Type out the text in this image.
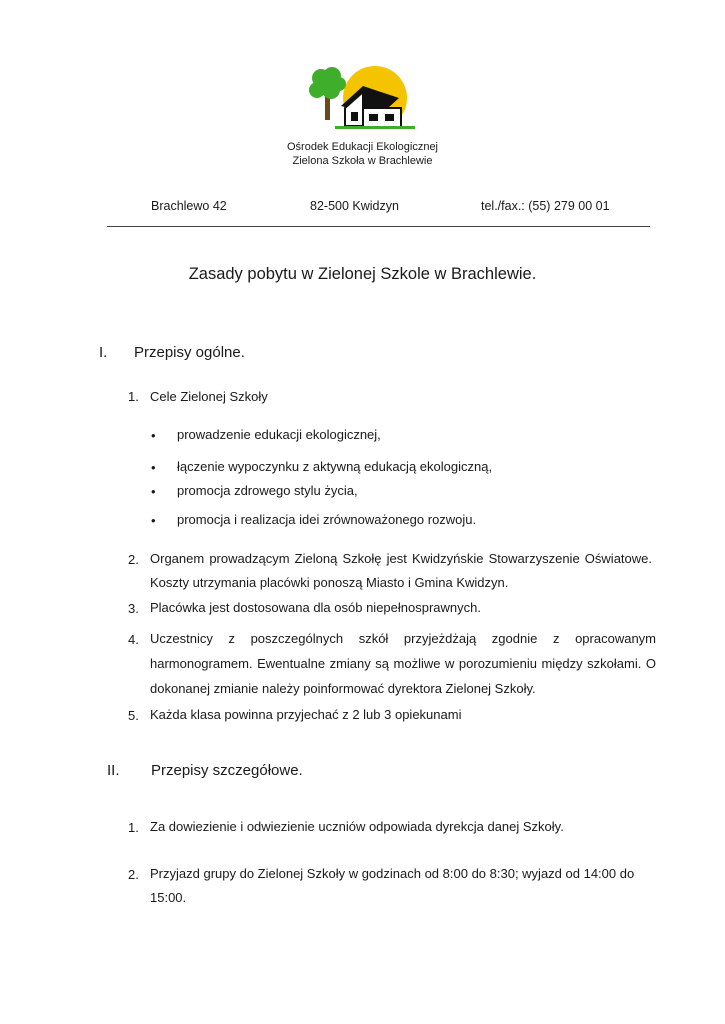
Ośrodek Edukacji Ekologicznej
Zielona Szkoła w Brachlewie
Brachlewo 42	82-500 Kwidzyn	tel./fax.: (55) 279 00 01
Zasady pobytu w Zielonej Szkole w Brachlewie.
I. Przepisy ogólne.
1. Cele Zielonej Szkoły
• prowadzenie edukacji ekologicznej,
• łączenie wypoczynku z aktywną edukacją ekologiczną,
• promocja zdrowego stylu życia,
• promocja i realizacja idei zrównoważonego rozwoju.
2. Organem prowadzącym Zieloną Szkołę jest Kwidzyńskie Stowarzyszenie Oświatowe.
Koszty utrzymania placówki ponoszą Miasto i Gmina Kwidzyn.
3. Placówka jest dostosowana dla osób niepełnosprawnych.
4. Uczestnicy z poszczególnych szkół przyjeżdżają zgodnie z opracowanym
harmonogramem. Ewentualne zmiany są możliwe w porozumieniu między szkołami. O
dokonanej zmianie należy poinformować dyrektora Zielonej Szkoły.
5. Każda klasa powinna przyjechać z 2 lub 3 opiekunami
II. Przepisy szczegółowe.
1. Za dowiezienie i odwiezienie uczniów odpowiada dyrekcja danej Szkoły.
2. Przyjazd grupy do Zielonej Szkoły w godzinach od 8:00 do 8:30; wyjazd od 14:00 do
15:00.
